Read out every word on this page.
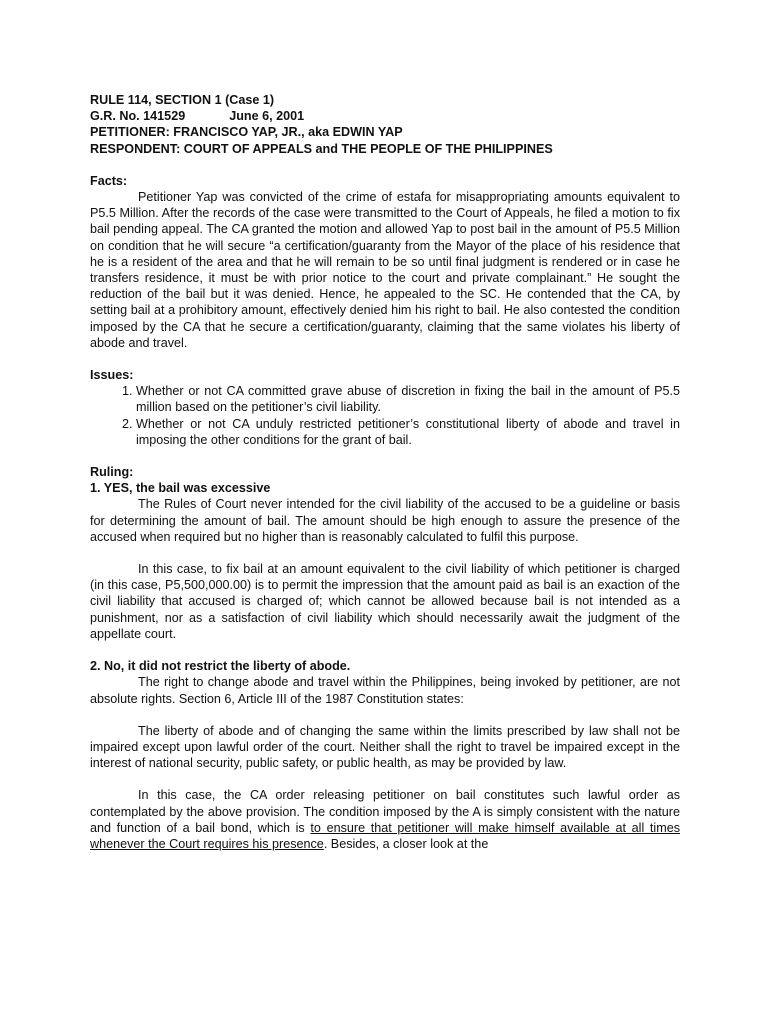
RULE 114, SECTION 1 (Case 1)

G.R. No. 141529	June 6, 2001

PETITIONER: FRANCISCO YAP, JR., aka EDWIN YAP

RESPONDENT: COURT OF APPEALS and THE PEOPLE OF THE PHILIPPINES

Facts:

Petitioner Yap was convicted of the crime of estafa for misappropriating amounts equivalent to P5.5 Million. After the records of the case were transmitted to the Court of Appeals, he filed a motion to fix bail pending appeal. The CA granted the motion and allowed Yap to post bail in the amount of P5.5 Million on condition that he will secure “a certification/guaranty from the Mayor of the place of his residence that he is a resident of the area and that he will remain to be so until final judgment is rendered or in case he transfers residence, it must be with prior notice to the court and private complainant.” He sought the reduction of the bail but it was denied. Hence, he appealed to the SC. He contended that the CA, by setting bail at a prohibitory amount, effectively denied him his right to bail. He also contested the condition imposed by the CA that he secure a certification/guaranty, claiming that the same violates his liberty of abode and travel.

Issues:

1. Whether or not CA committed grave abuse of discretion in fixing the bail in the amount of P5.5 million based on the petitioner’s civil liability.
2. Whether or not CA unduly restricted petitioner’s constitutional liberty of abode and travel in imposing the other conditions for the grant of bail.

Ruling:

1. YES, the bail was excessive

The Rules of Court never intended for the civil liability of the accused to be a guideline or basis for determining the amount of bail. The amount should be high enough to assure the presence of the accused when required but no higher than is reasonably calculated to fulfil this purpose.

In this case, to fix bail at an amount equivalent to the civil liability of which petitioner is charged (in this case, P5,500,000.00) is to permit the impression that the amount paid as bail is an exaction of the civil liability that accused is charged of; which cannot be allowed because bail is not intended as a punishment, nor as a satisfaction of civil liability which should necessarily await the judgment of the appellate court.

2. No, it did not restrict the liberty of abode.

The right to change abode and travel within the Philippines, being invoked by petitioner, are not absolute rights. Section 6, Article III of the 1987 Constitution states:

The liberty of abode and of changing the same within the limits prescribed by law shall not be impaired except upon lawful order of the court. Neither shall the right to travel be impaired except in the interest of national security, public safety, or public health, as may be provided by law.

In this case, the CA order releasing petitioner on bail constitutes such lawful order as contemplated by the above provision. The condition imposed by the A is simply consistent with the nature and function of a bail bond, which is to ensure that petitioner will make himself available at all times whenever the Court requires his presence. Besides, a closer look at the
